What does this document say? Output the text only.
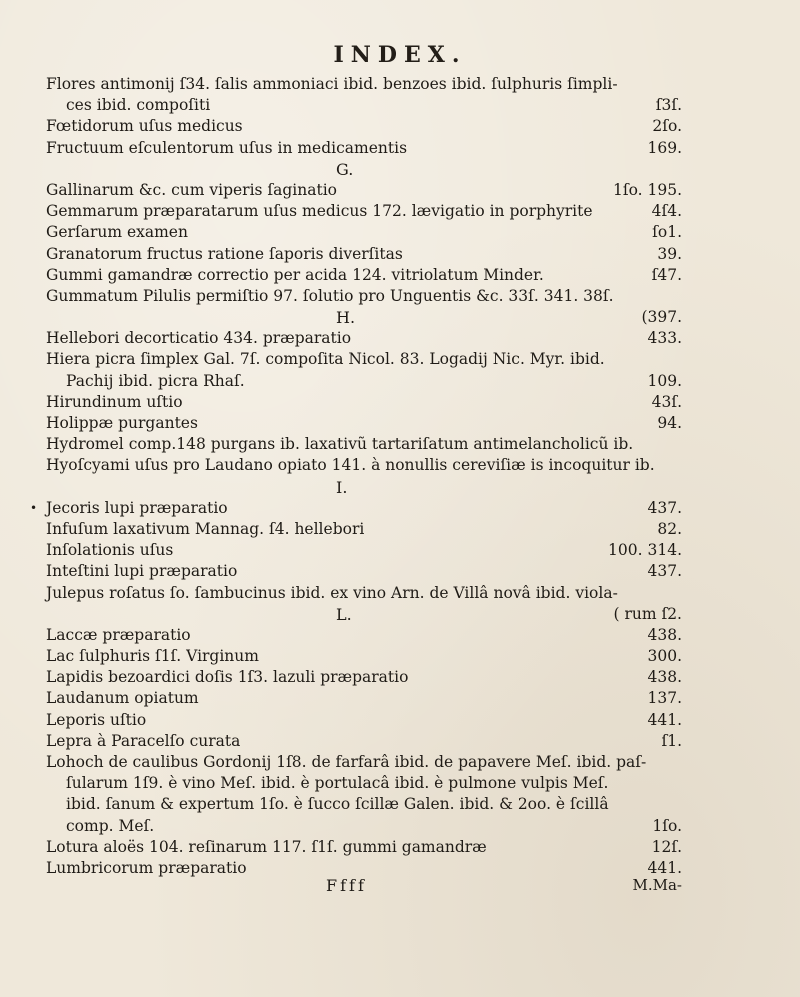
INDEX.
Flores antimonij ſ34. ſalis ammoniaci ibid. benzoes ibid. ſulphuris ſimpli-
ces ibid. compoſiti	ſ3ſ.
Fœtidorum uſus medicus	2ſo.
Fructuum eſculentorum uſus in medicamentis	169.
G.
Gallinarum &c. cum viperis ſaginatio	1ſo. 195.
Gemmarum præparatarum uſus medicus 172. lævigatio in porphyrite	4ſ4.
Gerſarum examen	ſo1.
Granatorum fructus ratione ſaporis diverſitas	39.
Gummi gamandræ correctio per acida 124. vitriolatum Minder.	ſ47.
Gummatum Pilulis permiſtio 97. ſolutio pro Unguentis &c. 33ſ. 341. 38ſ.
H.	(397.
Hellebori decorticatio 434. præparatio	433.
Hiera picra ſimplex Gal. 7ſ. compoſita Nicol. 83. Logadij Nic. Myr. ibid.
Pachij ibid. picra Rhaſ.	109.
Hirundinum uſtio	43ſ.
Holippæ purgantes	94.
Hydromel comp.148 purgans ib. laxativũ tartariſatum antimelancholicũ ib.
Hyoſcyami uſus pro Laudano opiato 141. à nonullis cereviſiæ is incoquitur ib.
I.
• Jecoris lupi præparatio	437.
Infuſum laxativum Mannag. ſ4. hellebori	82.
Inſolationis uſus	100. 314.
Inteſtini lupi præparatio	437.
Julepus roſatus ſo. ſambucinus ibid. ex vino Arn. de Villâ novâ ibid. viola-
L.	( rum ſ2.
Laccæ præparatio	438.
Lac ſulphuris ſ1ſ. Virginum	300.
Lapidis bezoardici doſis 1ſ3. lazuli præparatio	438.
Laudanum opiatum	137.
Leporis uſtio	441.
Lepra à Paracelſo curata	ſ1.
Lohoch de caulibus Gordonij 1ſ8. de farfarâ ibid. de papavere Meſ. ibid. paſ-
ſularum 1ſ9. è vino Meſ. ibid. è portulacâ ibid. è pulmone vulpis Meſ.
ibid. ſanum & expertum 1ſo. è ſucco ſcillæ Galen. ibid. & 2oo. è ſcillâ
comp. Meſ.	1ſo.
Lotura aloës 104. reſinarum 117. ſ1ſ. gummi gamandræ	12ſ.
Lumbricorum præparatio	441.
Ffff	M.Ma-
